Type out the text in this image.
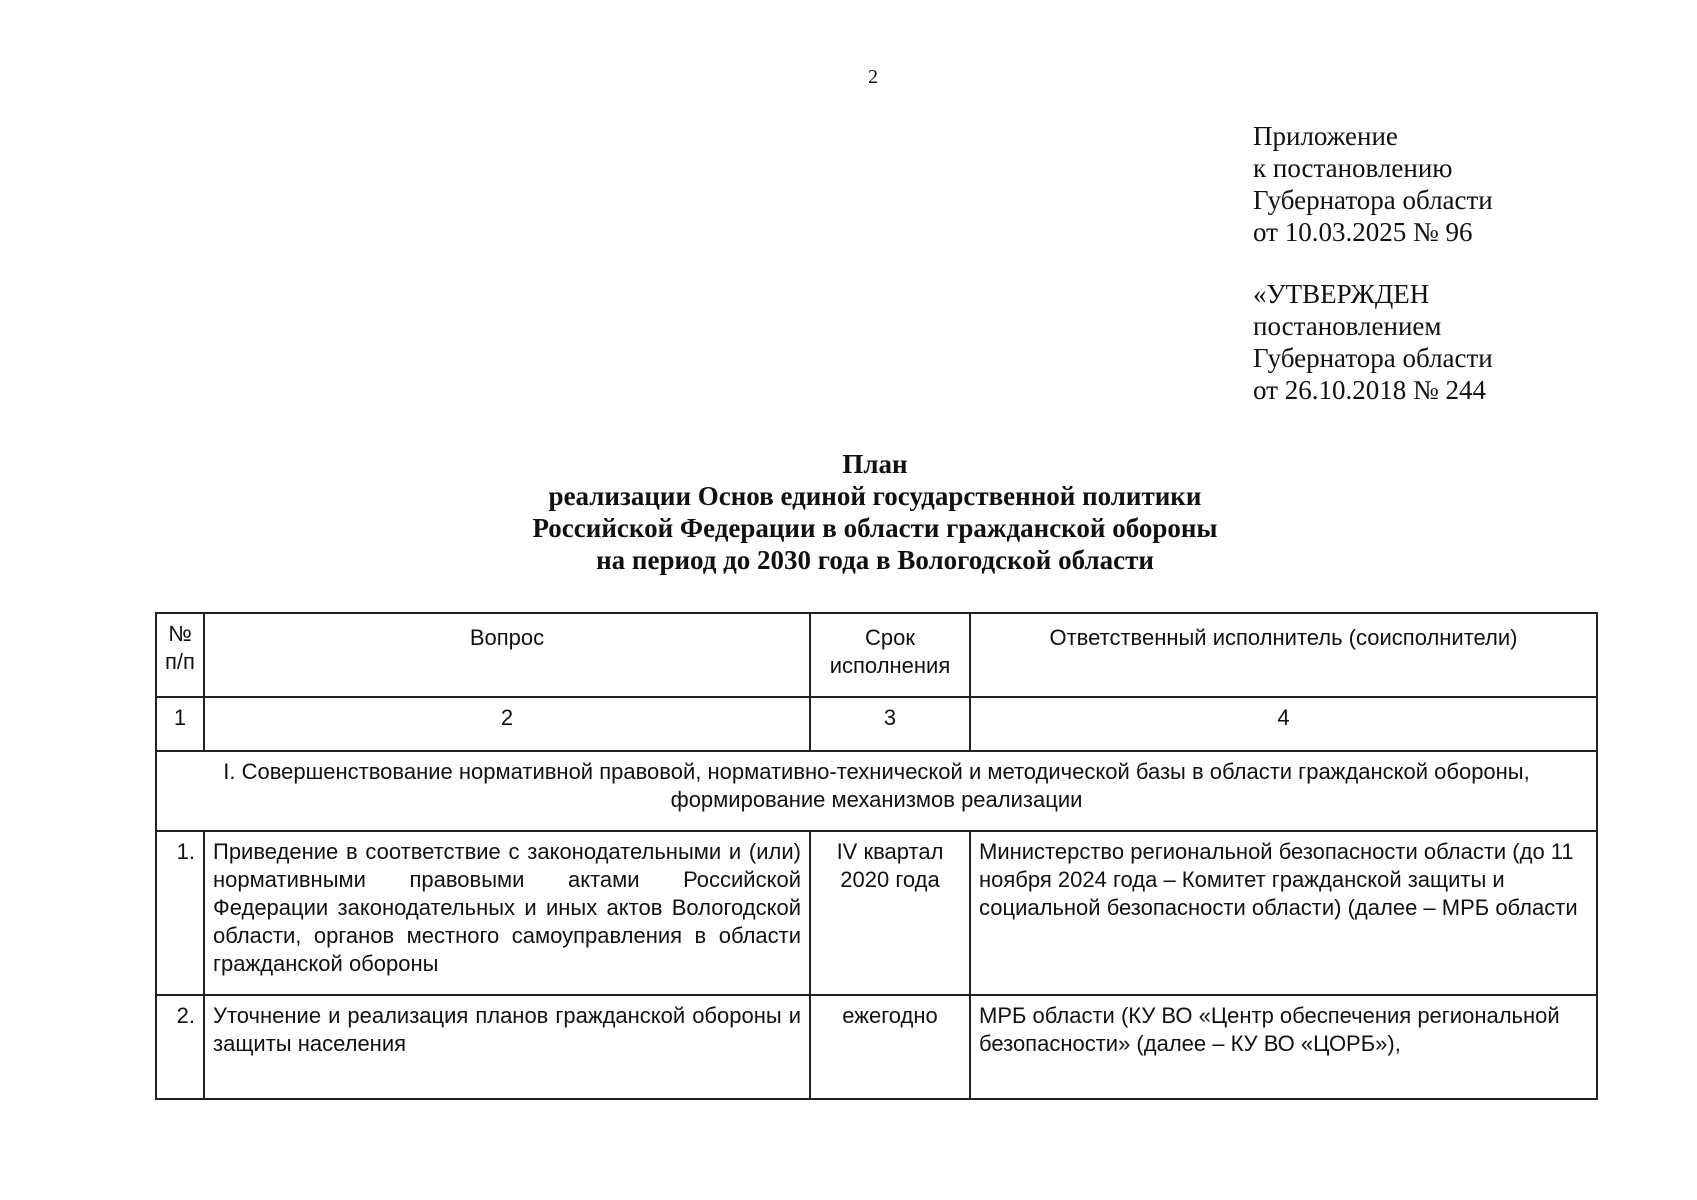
2
Приложение
к постановлению
Губернатора области
от 10.03.2025 № 96
«УТВЕРЖДЕН
постановлением
Губернатора области
от 26.10.2018 № 244
План
реализации Основ единой государственной политики
Российской Федерации в области гражданской обороны
на период до 2030 года в Вологодской области
№ п/п	Вопрос	Срок исполнения	Ответственный исполнитель (соисполнители)
1	2	3	4
I. Совершенствование нормативной правовой, нормативно-технической и методической базы в области гражданской обороны, формирование механизмов реализации			
1.	Приведение в соответствие с законодательными и (или) нормативными правовыми актами Российской Федерации законодательных и иных актов Вологодской области, органов местного самоуправления в области гражданской обороны	IV квартал 2020 года	Министерство региональной безопасности области (до 11 ноября 2024 года – Комитет гражданской защиты и социальной безопасности области) (далее – МРБ области
2.	Уточнение и реализация планов гражданской обороны и защиты населения	ежегодно	МРБ области (КУ ВО «Центр обеспечения региональной безопасности» (далее – КУ ВО «ЦОРБ»),
